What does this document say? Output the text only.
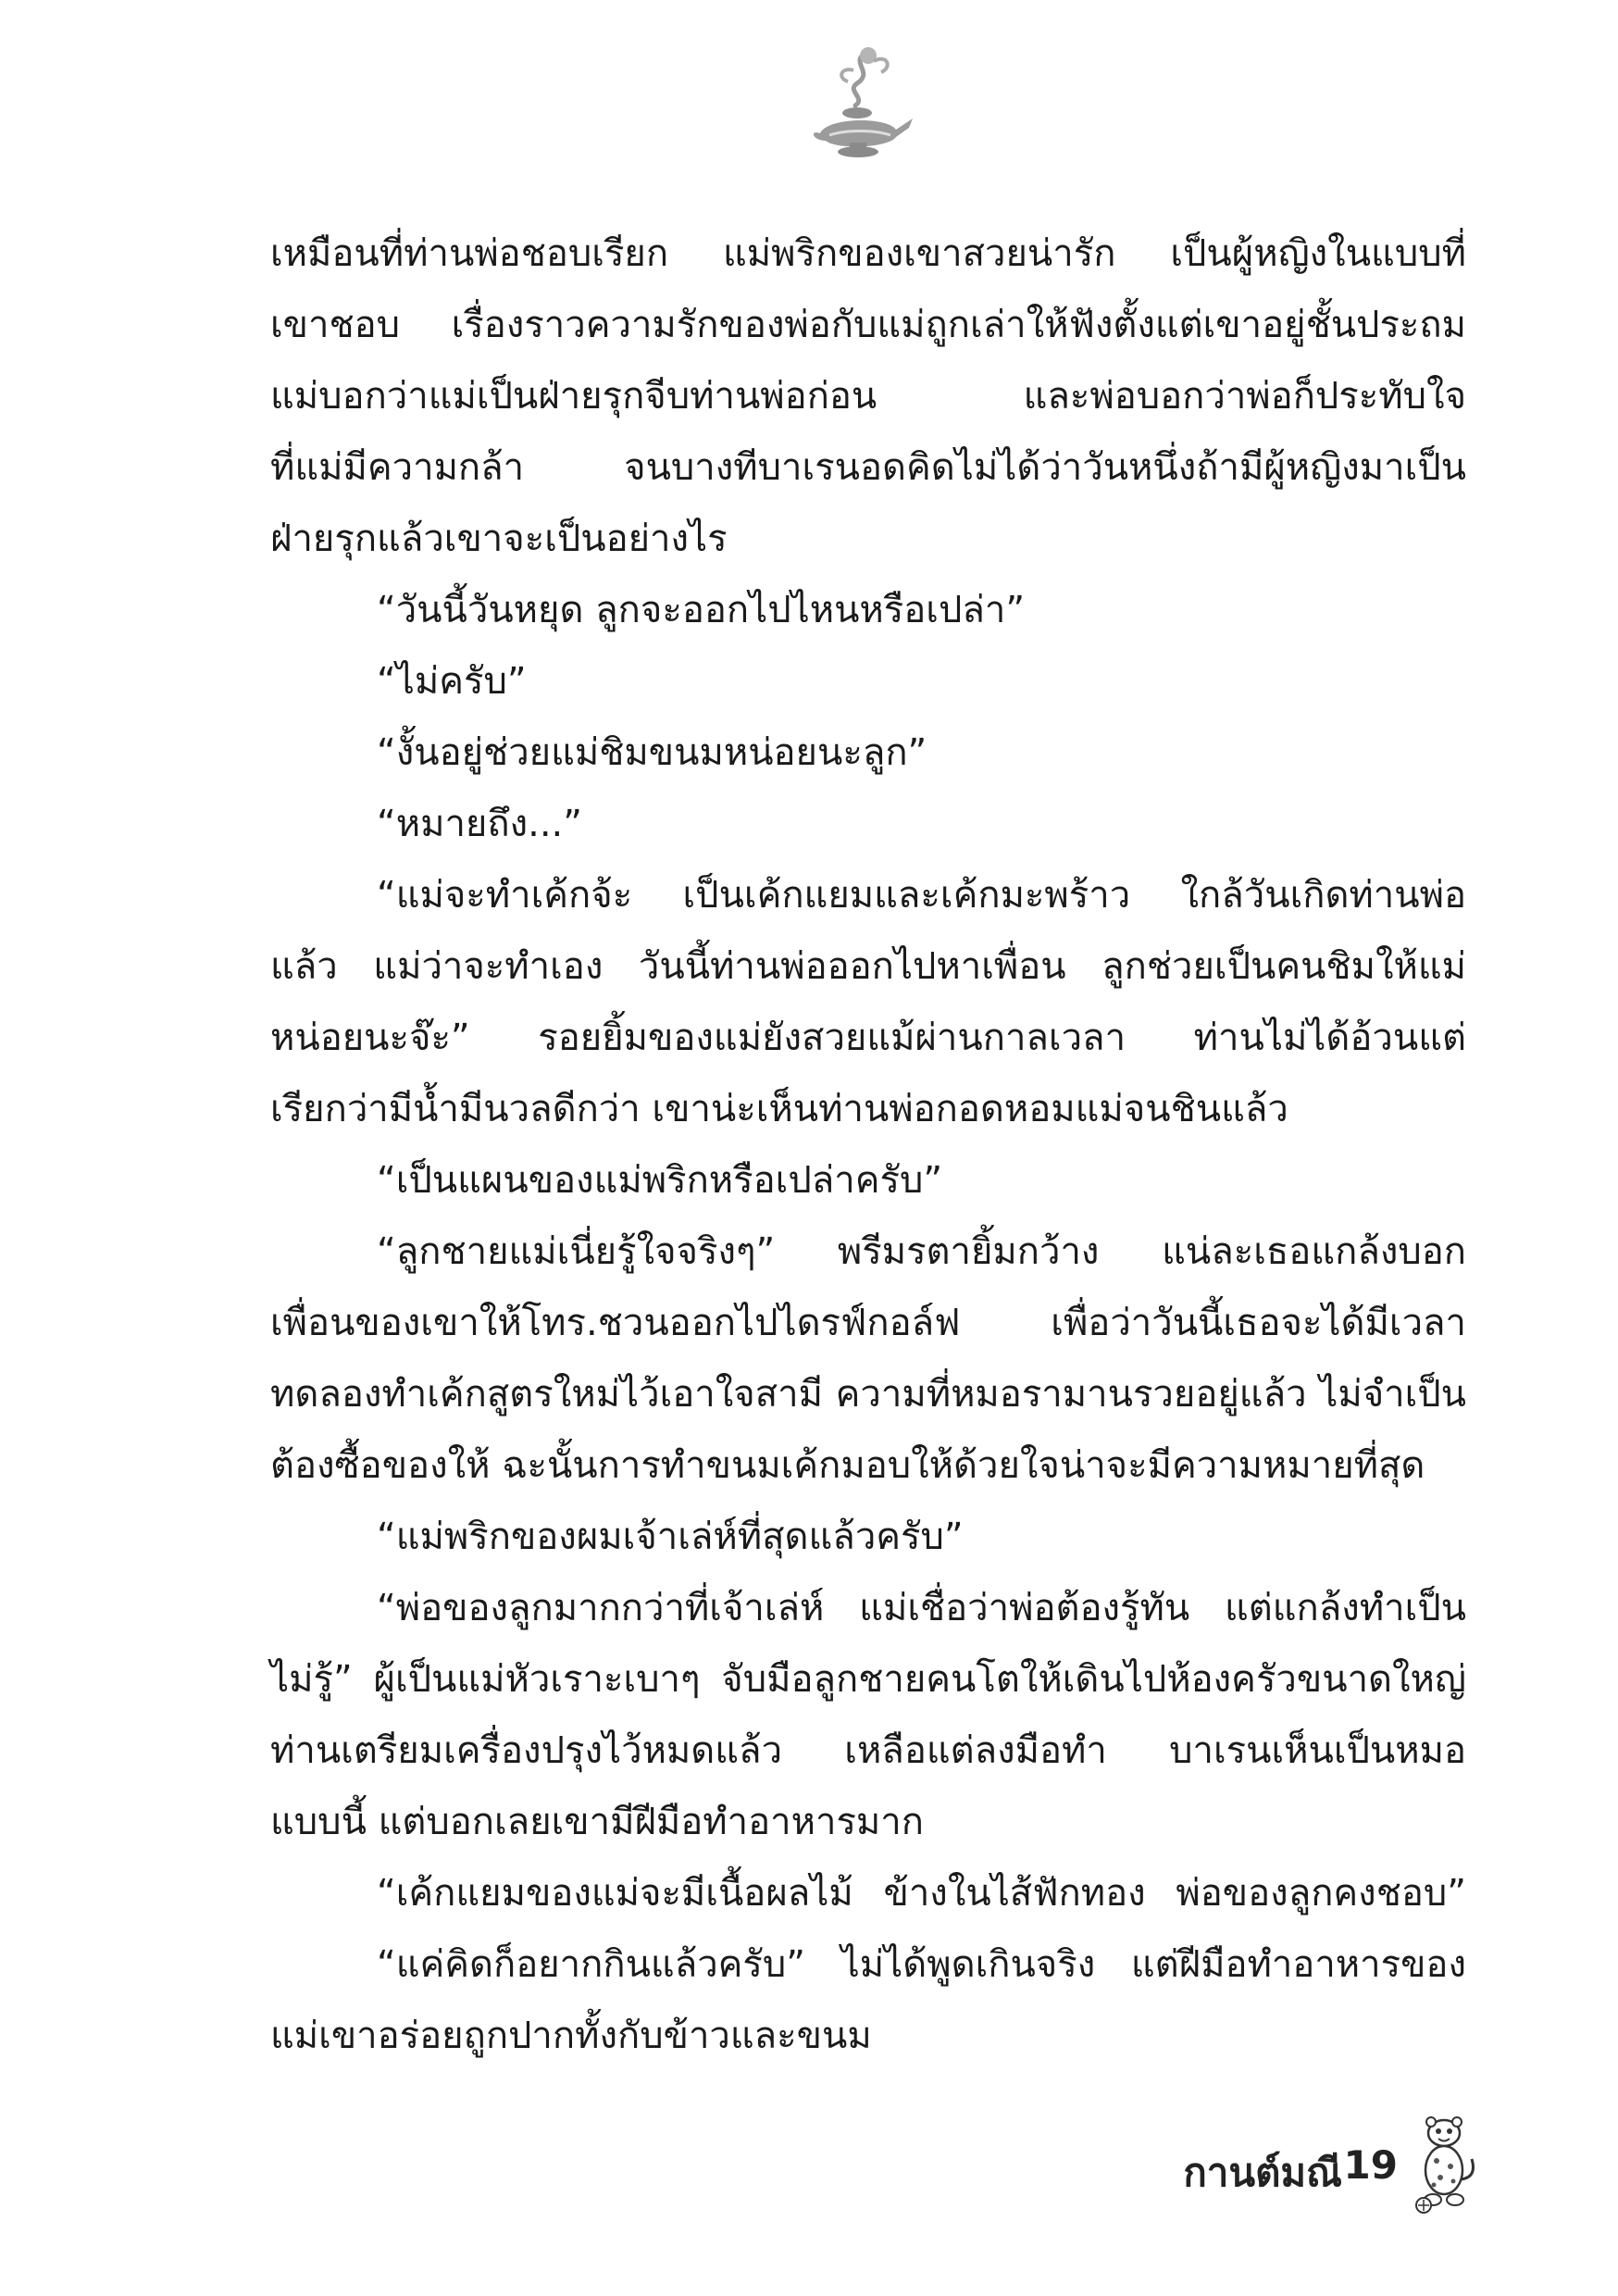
เหมือนที่ท่านพ่อชอบเรียก แม่พริกของเขาสวยน่ารัก เป็นผู้หญิงในแบบที่
เขาชอบ เรื่องราวความรักของพ่อกับแม่ถูกเล่าให้ฟังตั้งแต่เขาอยู่ชั้นประถม
แม่บอกว่าแม่เป็นฝ่ายรุกจีบท่านพ่อก่อน และพ่อบอกว่าพ่อก็ประทับใจ
ที่แม่มีความกล้า จนบางทีบาเรนอดคิดไม่ได้ว่าวันหนึ่งถ้ามีผู้หญิงมาเป็น
ฝ่ายรุกแล้วเขาจะเป็นอย่างไร
“วันนี้วันหยุด ลูกจะออกไปไหนหรือเปล่า”
“ไม่ครับ”
“งั้นอยู่ช่วยแม่ชิมขนมหน่อยนะลูก”
“หมายถึง...”
“แม่จะทำเค้กจ้ะ เป็นเค้กแยมและเค้กมะพร้าว ใกล้วันเกิดท่านพ่อ
แล้ว แม่ว่าจะทำเอง วันนี้ท่านพ่อออกไปหาเพื่อน ลูกช่วยเป็นคนชิมให้แม่
หน่อยนะจ๊ะ” รอยยิ้มของแม่ยังสวยแม้ผ่านกาลเวลา ท่านไม่ได้อ้วนแต่
เรียกว่ามีน้ำมีนวลดีกว่า เขาน่ะเห็นท่านพ่อกอดหอมแม่จนชินแล้ว
“เป็นแผนของแม่พริกหรือเปล่าครับ”
“ลูกชายแม่เนี่ยรู้ใจจริงๆ” พรีมรตายิ้มกว้าง แน่ละเธอแกล้งบอก
เพื่อนของเขาให้โทร.ชวนออกไปไดรฟ์กอล์ฟ เพื่อว่าวันนี้เธอจะได้มีเวลา
ทดลองทำเค้กสูตรใหม่ไว้เอาใจสามี ความที่หมอรามานรวยอยู่แล้ว ไม่จำเป็น
ต้องซื้อของให้ ฉะนั้นการทำขนมเค้กมอบให้ด้วยใจน่าจะมีความหมายที่สุด
“แม่พริกของผมเจ้าเล่ห์ที่สุดแล้วครับ”
“พ่อของลูกมากกว่าที่เจ้าเล่ห์ แม่เชื่อว่าพ่อต้องรู้ทัน แต่แกล้งทำเป็น
ไม่รู้” ผู้เป็นแม่หัวเราะเบาๆ จับมือลูกชายคนโตให้เดินไปห้องครัวขนาดใหญ่
ท่านเตรียมเครื่องปรุงไว้หมดแล้ว เหลือแต่ลงมือทำ บาเรนเห็นเป็นหมอ
แบบนี้ แต่บอกเลยเขามีฝีมือทำอาหารมาก
“เค้กแยมของแม่จะมีเนื้อผลไม้ ข้างในไส้ฟักทอง พ่อของลูกคงชอบ”
“แค่คิดก็อยากกินแล้วครับ” ไม่ได้พูดเกินจริง แต่ฝีมือทำอาหารของ
แม่เขาอร่อยถูกปากทั้งกับข้าวและขนม
กานต์มณี 19
